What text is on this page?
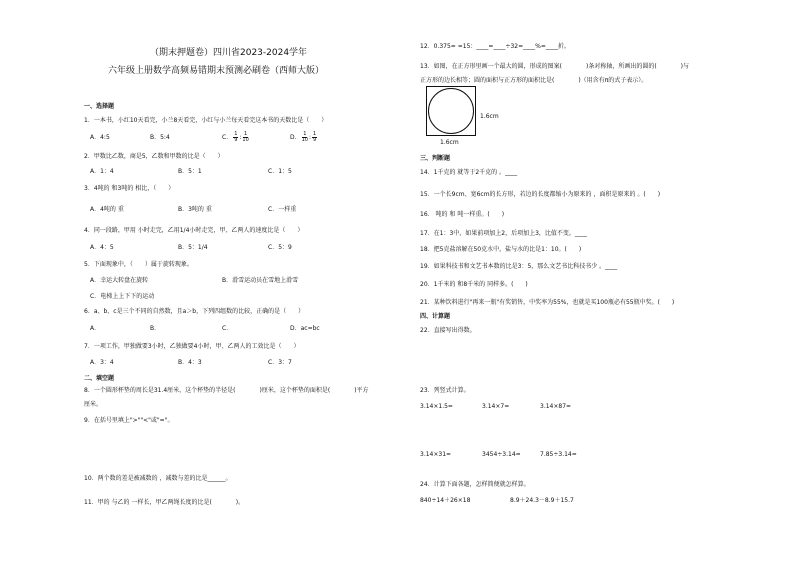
（期末押题卷）四川省2023-2024学年
六年级上册数学高频易错期末预测必刷卷（西师大版）
一、选择题
1．一本书，小红10天看完，小兰8天看完，小红与小兰每天看完这本书的天数比是（　　）
A．4:5	B．5:4	C． $\frac{1}{9}$ : $\frac{1}{10}$	D． $\frac{1}{10}$ : $\frac{1}{9}$
2．甲数比乙数，商是5，乙数和甲数的比是（　　）
A．1：4	B．5：1	C．1：5
3．4吨的 和3吨的 相比，（　　）
A．4吨的 重	B．3吨的 重	C．一样重
4．同一段路，甲用 小时走完，乙用1/4小时走完，甲、乙两人的速度比是（　　）
A．4：5	B．5：1/4	C．5：9
5．下面现象中，（　　）属于旋转现象。
A．幸运大转盘在旋转	B．滑雪运动员在雪地上滑雪
C．电梯上上下下的运动
6．a、b、c是三个不同的自然数，且a＞b，下列四组数的比较，正确的是（　　）
A．	B．	C．	D．ac=bc
7．一项工作，甲独做要3小时，乙独做要4小时，甲、乙两人的工效比是（　　）
A．3：4	B．4：3	C．3：7
二、填空题
8．一个圆形杯垫的周长是31.4厘米，这个杯垫的半径是(　　　　)厘米，这个杯垫的面积是(　　　　)平方
厘米。
9．在括号里填上">""<"或"="。
10．两个数的差是被减数的 ，减数与差的比是______。
11．甲的 与乙的 一样长，甲乙两绳长度的比是(　　　　)。
12．0.375= =15：____=____÷32=____%=____折。
13．如图，在正方形里画一个最大的圆，形成的图案(　　　　)条对称轴，所画出的圆的(　　　　)与
正方形的边长相等；圆的面积与正方形的面积比是(　　　　)（用含有π的式子表示）。
1.6cm
1.6cm
三、判断题
14．1千克的 就等于2千克的 。____
15．一个长9cm、宽6cm的长方形，若边的长度都缩小为原来的 ，面积是原来的 。(　　)
16． 吨的 和 吨一样重。(　　)
17．在1：3中，如果前项加上2，后项加上3，比值不变。____
18．把5克盐溶解在50克水中，盐与水的比是1：10。(　　)
19．如果科技书和文艺书本数的比是3：5，那么文艺书比科技书少 。____
20．1千米的 和8千米的 同样多。(　　)
21．某种饮料进行"再来一瓶"有奖销售，中奖率为55%，也就是买100瓶必有55瓶中奖。(　　)
四、计算题
22．直接写出得数。
23．列竖式计算。
3.14×1.5=	3.14×7=	3.14×87=
3.14×31=	3454÷3.14=	7.85÷3.14=
24．计算下面各题，怎样简便就怎样算。
840÷14＋26×18	8.9＋24.3－8.9＋15.7
